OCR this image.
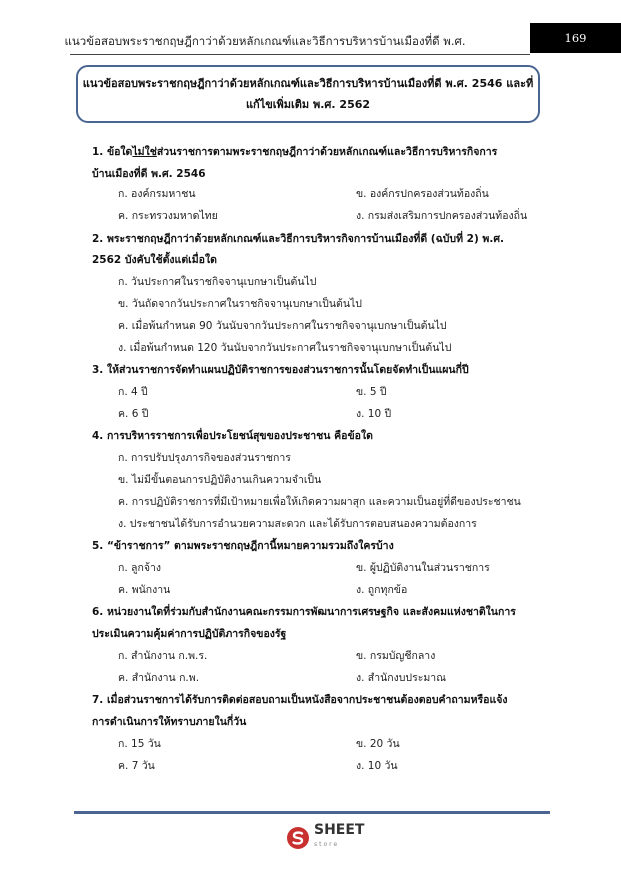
แนวข้อสอบพระราชกฤษฎีกาว่าด้วยหลักเกณฑ์และวิธีการบริหารบ้านเมืองที่ดี พ.ศ.	169
แนวข้อสอบพระราชกฤษฎีกาว่าด้วยหลักเกณฑ์และวิธีการบริหารบ้านเมืองที่ดี พ.ศ. 2546 และที่
แก้ไขเพิ่มเติม พ.ศ. 2562
1. ข้อใดไม่ใช่ส่วนราชการตามพระราชกฤษฎีกาว่าด้วยหลักเกณฑ์และวิธีการบริหารกิจการ
บ้านเมืองที่ดี พ.ศ. 2546
ก. องค์กรมหาชน	ข. องค์กรปกครองส่วนท้องถิ่น
ค. กระทรวงมหาดไทย	ง. กรมส่งเสริมการปกครองส่วนท้องถิ่น
2. พระราชกฤษฎีกาว่าด้วยหลักเกณฑ์และวิธีการบริหารกิจการบ้านเมืองที่ดี (ฉบับที่ 2) พ.ศ.
2562 บังคับใช้ตั้งแต่เมื่อใด
ก. วันประกาศในราชกิจจานุเบกษาเป็นต้นไป
ข. วันถัดจากวันประกาศในราชกิจจานุเบกษาเป็นต้นไป
ค. เมื่อพ้นกำหนด 90 วันนับจากวันประกาศในราชกิจจานุเบกษาเป็นต้นไป
ง. เมื่อพ้นกำหนด 120 วันนับจากวันประกาศในราชกิจจานุเบกษาเป็นต้นไป
3. ให้ส่วนราชการจัดทำแผนปฏิบัติราชการของส่วนราชการนั้นโดยจัดทำเป็นแผนกี่ปี
ก. 4 ปี	ข. 5 ปี
ค. 6 ปี	ง. 10 ปี
4. การบริหารราชการเพื่อประโยชน์สุขของประชาชน คือข้อใด
ก. การปรับปรุงภารกิจของส่วนราชการ
ข. ไม่มีขั้นตอนการปฏิบัติงานเกินความจำเป็น
ค. การปฏิบัติราชการที่มีเป้าหมายเพื่อให้เกิดความผาสุก และความเป็นอยู่ที่ดีของประชาชน
ง. ประชาชนได้รับการอำนวยความสะดวก และได้รับการตอบสนองความต้องการ
5. “ข้าราชการ” ตามพระราชกฤษฎีกานี้หมายความรวมถึงใครบ้าง
ก. ลูกจ้าง	ข. ผู้ปฏิบัติงานในส่วนราชการ
ค. พนักงาน	ง. ถูกทุกข้อ
6. หน่วยงานใดที่ร่วมกับสำนักงานคณะกรรมการพัฒนาการเศรษฐกิจ และสังคมแห่งชาติในการ
ประเมินความคุ้มค่าการปฏิบัติภารกิจของรัฐ
ก. สำนักงาน ก.พ.ร.	ข. กรมบัญชีกลาง
ค. สำนักงาน ก.พ.	ง. สำนักงบประมาณ
7. เมื่อส่วนราชการได้รับการติดต่อสอบถามเป็นหนังสือจากประชาชนต้องตอบคำถามหรือแจ้ง
การดำเนินการให้ทราบภายในกี่วัน
ก. 15 วัน	ข. 20 วัน
ค. 7 วัน	ง. 10 วัน
SHEET
store
